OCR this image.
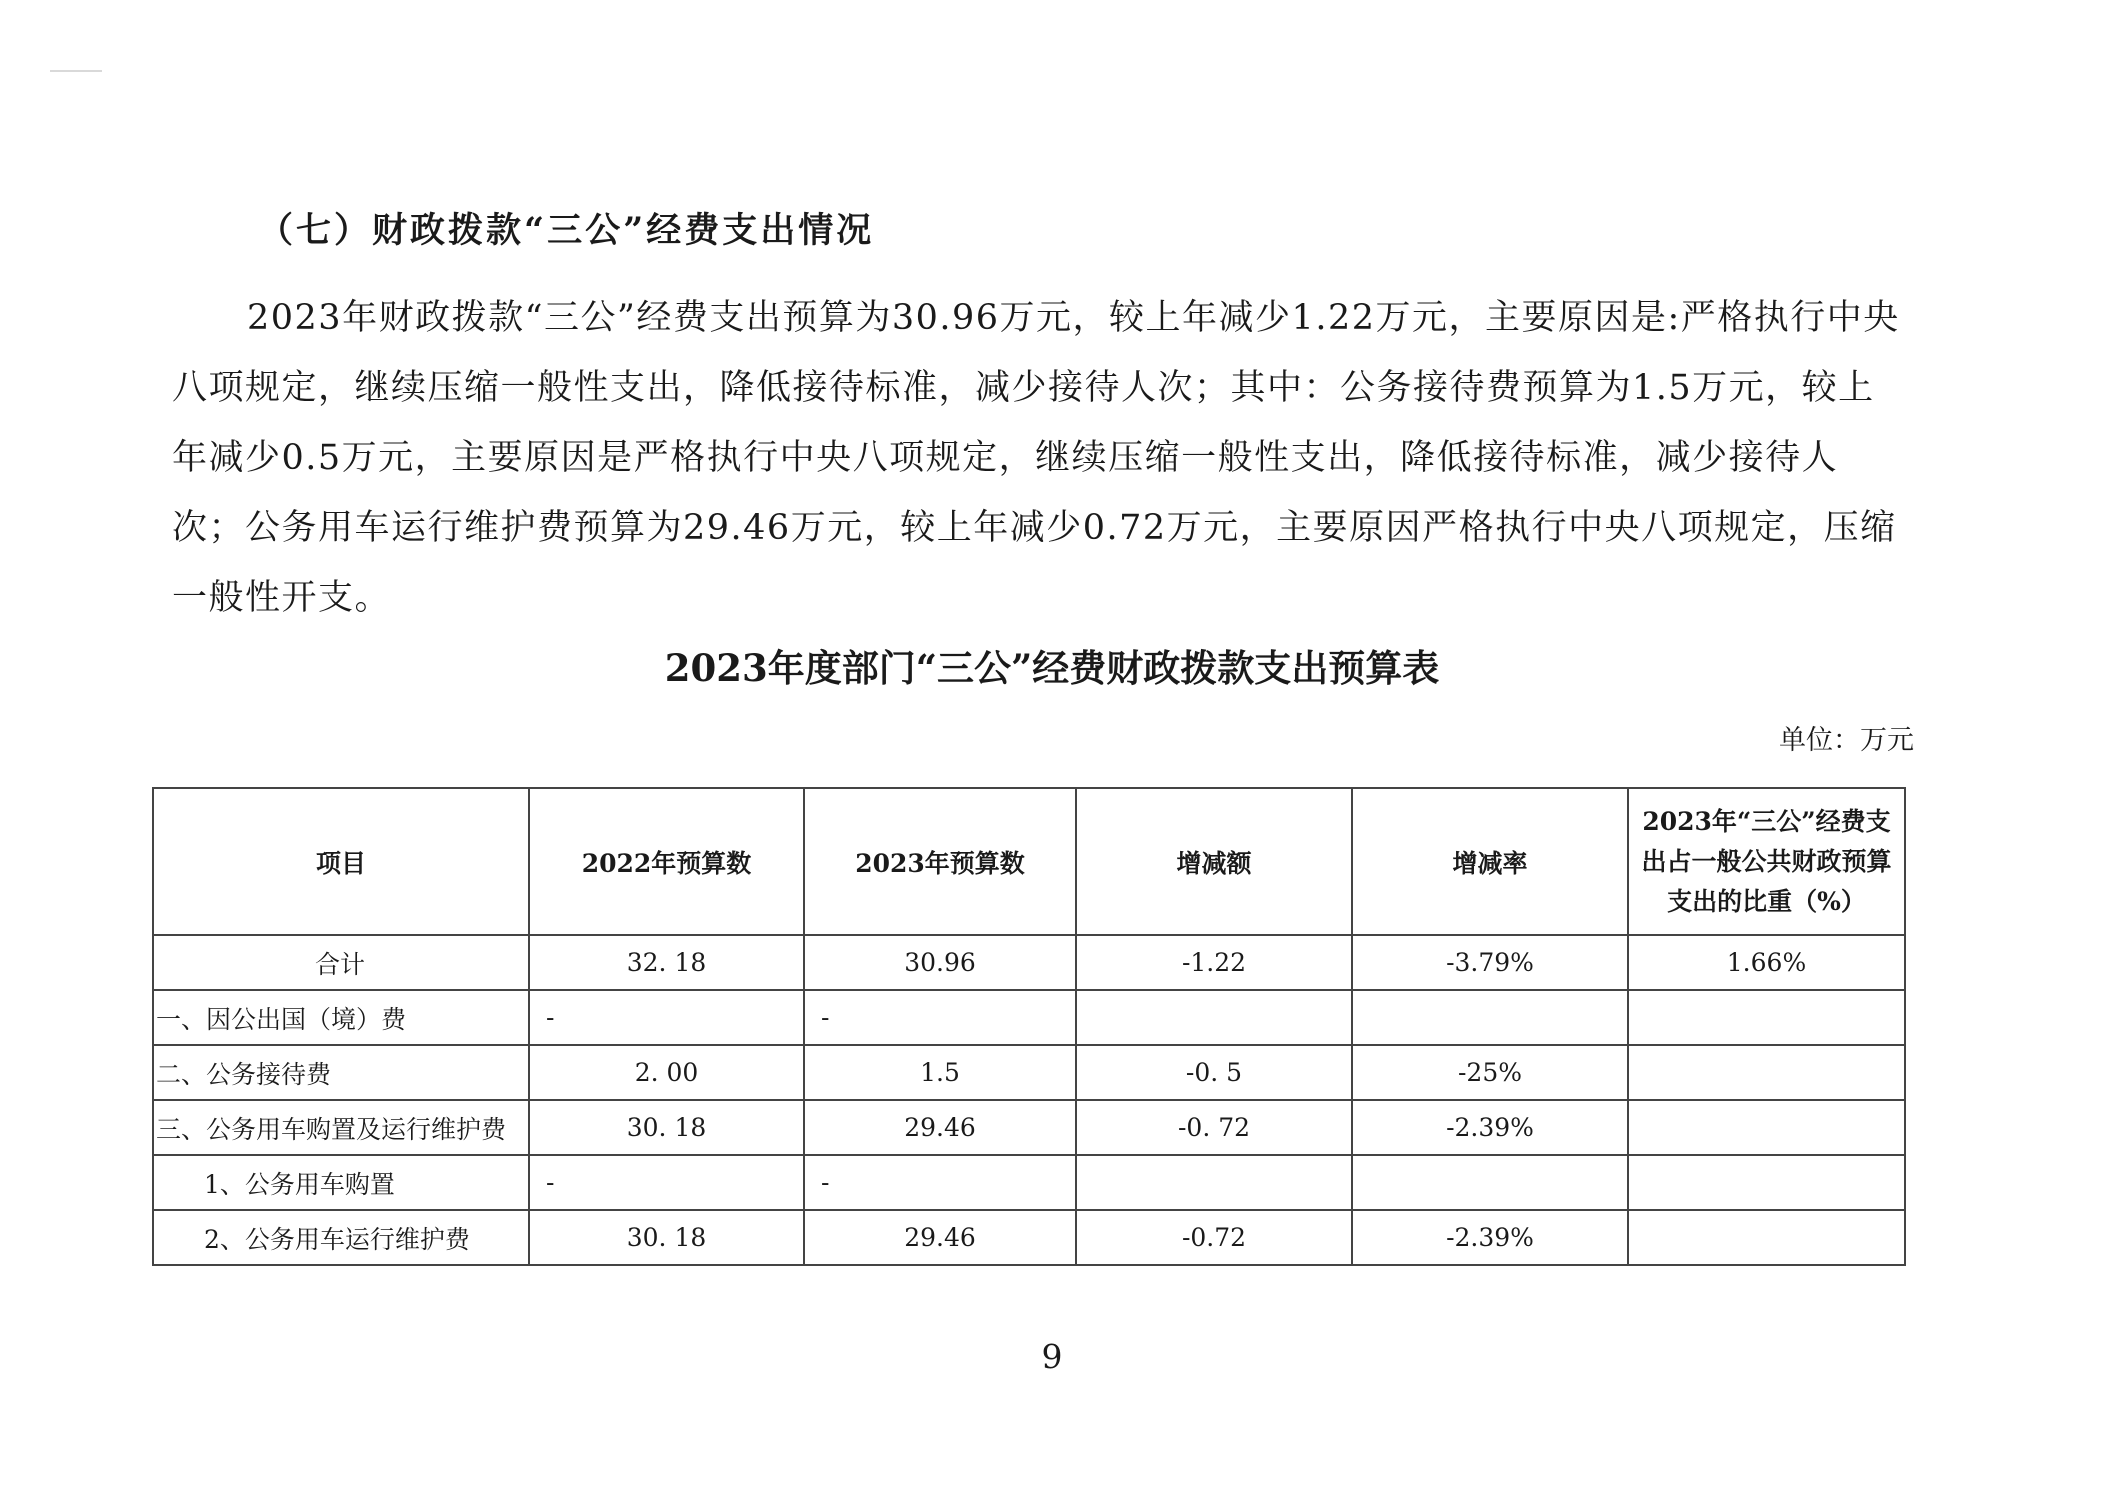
（七）财政拨款“三公”经费支出情况

2023年财政拨款“三公”经费支出预算为30.96万元，较上年减少1.22万元，主要原因是:严格执行中央八项规定，继续压缩一般性支出，降低接待标准，减少接待人次；其中：公务接待费预算为1.5万元，较上年减少0.5万元，主要原因是严格执行中央八项规定，继续压缩一般性支出，降低接待标准，减少接待人次；公务用车运行维护费预算为29.46万元，较上年减少0.72万元，主要原因严格执行中央八项规定，压缩一般性开支。

2023年度部门“三公”经费财政拨款支出预算表
单位：万元
项目	2022年预算数	2023年预算数	增减额	增减率	2023年“三公”经费支出占一般公共财政预算支出的比重（%）
合计	32. 18	30.96	-1.22	-3.79%	1.66%
一、因公出国（境）费	-	-			
二、公务接待费	2. 00	1.5	-0. 5	-25%	
三、公务用车购置及运行维护费	30. 18	29.46	-0. 72	-2.39%	
1、公务用车购置	-	-			
2、公务用车运行维护费	30. 18	29.46	-0.72	-2.39%	
9
